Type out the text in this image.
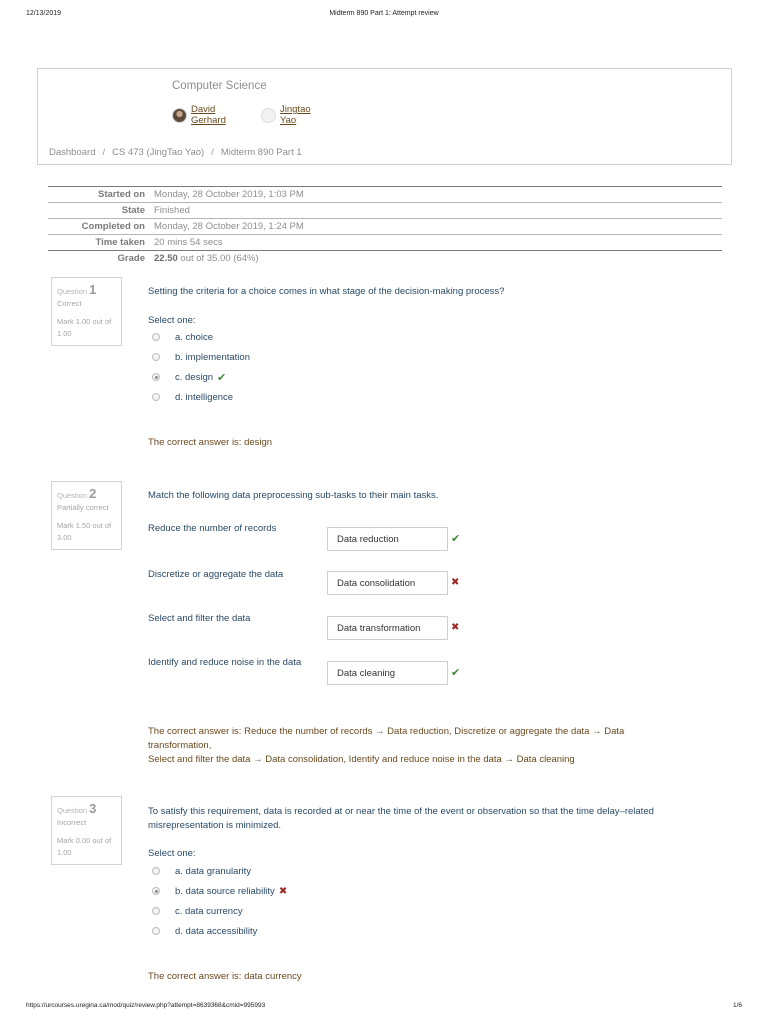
12/13/2019	Midterm 890 Part 1: Attempt review
Computer Science
David Gerhard
Jingtao Yao
Dashboard / CS 473 (JingTao Yao) / Midterm 890 Part 1
Started on Monday, 28 October 2019, 1:03 PM
State Finished
Completed on Monday, 28 October 2019, 1:24 PM
Time taken 20 mins 54 secs
Grade 22.50 out of 35.00 (64%)
Question 1
Correct
Mark 1.00 out of 1.00
Setting the criteria for a choice comes in what stage of the decision-making process?
Select one:
a. choice
b. implementation
c. design ✔
d. intelligence
The correct answer is: design
Question 2
Partially correct
Mark 1.50 out of 3.00
Match the following data preprocessing sub-tasks to their main tasks.
Reduce the number of records
Data reduction	✔
Discretize or aggregate the data
Data consolidation	✖
Select and filter the data
Data transformation	✖
Identify and reduce noise in the data
Data cleaning	✔
The correct answer is: Reduce the number of records → Data reduction, Discretize or aggregate the data → Data
transformation,
Select and filter the data → Data consolidation, Identify and reduce noise in the data → Data cleaning
Question 3
Incorrect
Mark 0.00 out of 1.00
To satisfy this requirement, data is recorded at or near the time of the event or observation so that the time delay–related
misrepresentation is minimized.
Select one:
a. data granularity
b. data source reliability ✖
c. data currency
d. data accessibility
The correct answer is: data currency
https://urcourses.uregina.ca/mod/quiz/review.php?attempt=8639368&cmid=995993	1/6
